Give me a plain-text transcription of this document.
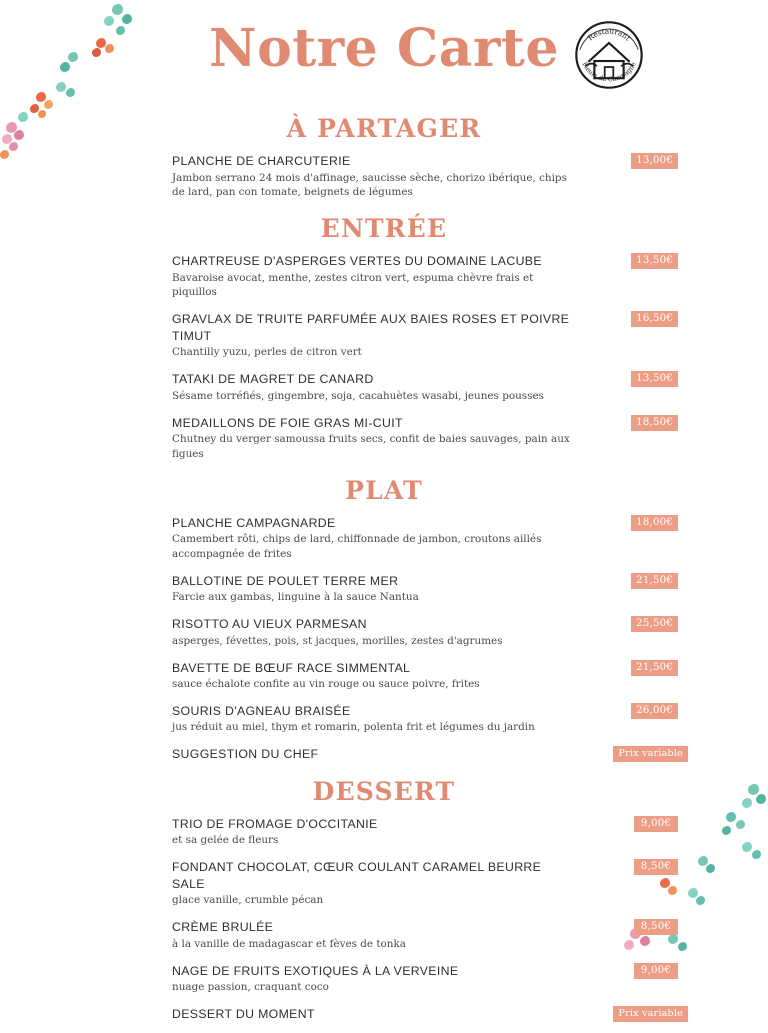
Notre Carte	Restaurant
Fleurs de Campagne
À PARTAGER
PLANCHE DE CHARCUTERIE
Jambon serrano 24 mois d'affinage, saucisse sèche, chorizo ibérique, chips de lard, pan con tomate, beignets de légumes
13,00€
ENTRÉE
CHARTREUSE D'ASPERGES VERTES DU DOMAINE LACUBE
Bavaroise avocat, menthe, zestes citron vert, espuma chèvre frais et piquillos
13,50€
GRAVLAX DE TRUITE PARFUMÉE AUX BAIES ROSES ET POIVRE TIMUT
Chantilly yuzu, perles de citron vert
16,50€
TATAKI DE MAGRET DE CANARD
Sésame torréfiés, gingembre, soja, cacahuètes wasabi, jeunes pousses
13,50€
MEDAILLONS DE FOIE GRAS MI-CUIT
Chutney du verger samoussa fruits secs, confit de baies sauvages, pain aux figues
18,50€
PLAT
PLANCHE CAMPAGNARDE
Camembert rôti, chips de lard, chiffonnade de jambon, croutons aillés accompagnée de frites
18,00€
BALLOTINE DE POULET TERRE MER
Farcie aux gambas, linguine à la sauce Nantua
21,50€
RISOTTO AU VIEUX PARMESAN
asperges, févettes, pois, st jacques, morilles, zestes d'agrumes
25,50€
BAVETTE DE BŒUF RACE SIMMENTAL
sauce échalote confite au vin rouge ou sauce poivre, frites
21,50€
SOURIS D'AGNEAU BRAISÉE
jus réduit au miel, thym et romarin, polenta frit et légumes du jardin
26,00€
SUGGESTION DU CHEF	Prix variable
DESSERT
TRIO DE FROMAGE D'OCCITANIE
et sa gelée de fleurs
9,00€
FONDANT CHOCOLAT, CŒUR COULANT CARAMEL BEURRE SALE
glace vanille, crumble pécan
8,50€
CRÈME BRULÉE
à la vanille de madagascar et fèves de tonka
8,50€
NAGE DE FRUITS EXOTIQUES À LA VERVEINE
nuage passion, craquant coco
9,00€
DESSERT DU MOMENT	Prix variable
